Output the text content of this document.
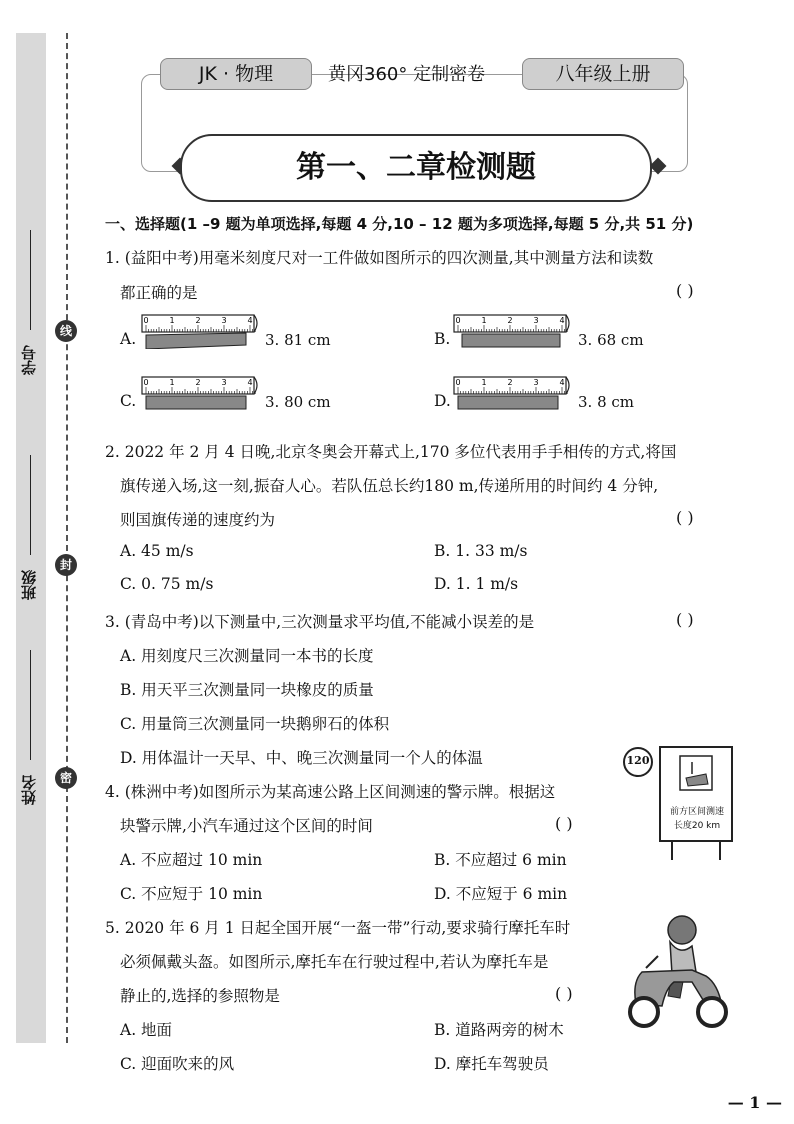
学号
班级
姓名
线
封
密
JK · 物理	黄冈360° 定制密卷	八年级上册
第一、二章检测题
一、选择题(1 –9 题为单项选择,每题 4 分,10 – 12 题为多项选择,每题 5 分,共 51 分)
1. (益阳中考)用毫米刻度尺对一工件做如图所示的四次测量,其中测量方法和读数
都正确的是	( )
A.
0	1	2	3	4
3. 81 cm	B.
0	1	2	3	4
3. 68 cm
C.
0	1	2	3	4
3. 80 cm	D.
0	1	2	3	4
3. 8 cm
2. 2022 年 2 月 4 日晚,北京冬奥会开幕式上,170 多位代表用手手相传的方式,将国
旗传递入场,这一刻,振奋人心。若队伍总长约180 m,传递所用的时间约 4 分钟,
则国旗传递的速度约为	( )
A. 45 m/s	B. 1. 33 m/s
C. 0. 75 m/s	D. 1. 1 m/s
3. (青岛中考)以下测量中,三次测量求平均值,不能减小误差的是	( )
A. 用刻度尺三次测量同一本书的长度
B. 用天平三次测量同一块橡皮的质量
C. 用量筒三次测量同一块鹅卵石的体积
D. 用体温计一天早、中、晚三次测量同一个人的体温
4. (株洲中考)如图所示为某高速公路上区间测速的警示牌。根据这
块警示牌,小汽车通过这个区间的时间	( )
A. 不应超过 10 min	B. 不应超过 6 min
C. 不应短于 10 min	D. 不应短于 6 min
120
前方区间测速
长度20 km
5. 2020 年 6 月 1 日起全国开展“一盔一带”行动,要求骑行摩托车时
必须佩戴头盔。如图所示,摩托车在行驶过程中,若认为摩托车是
静止的,选择的参照物是	( )
A. 地面	B. 道路两旁的树木
C. 迎面吹来的风	D. 摩托车驾驶员
— 1 —
